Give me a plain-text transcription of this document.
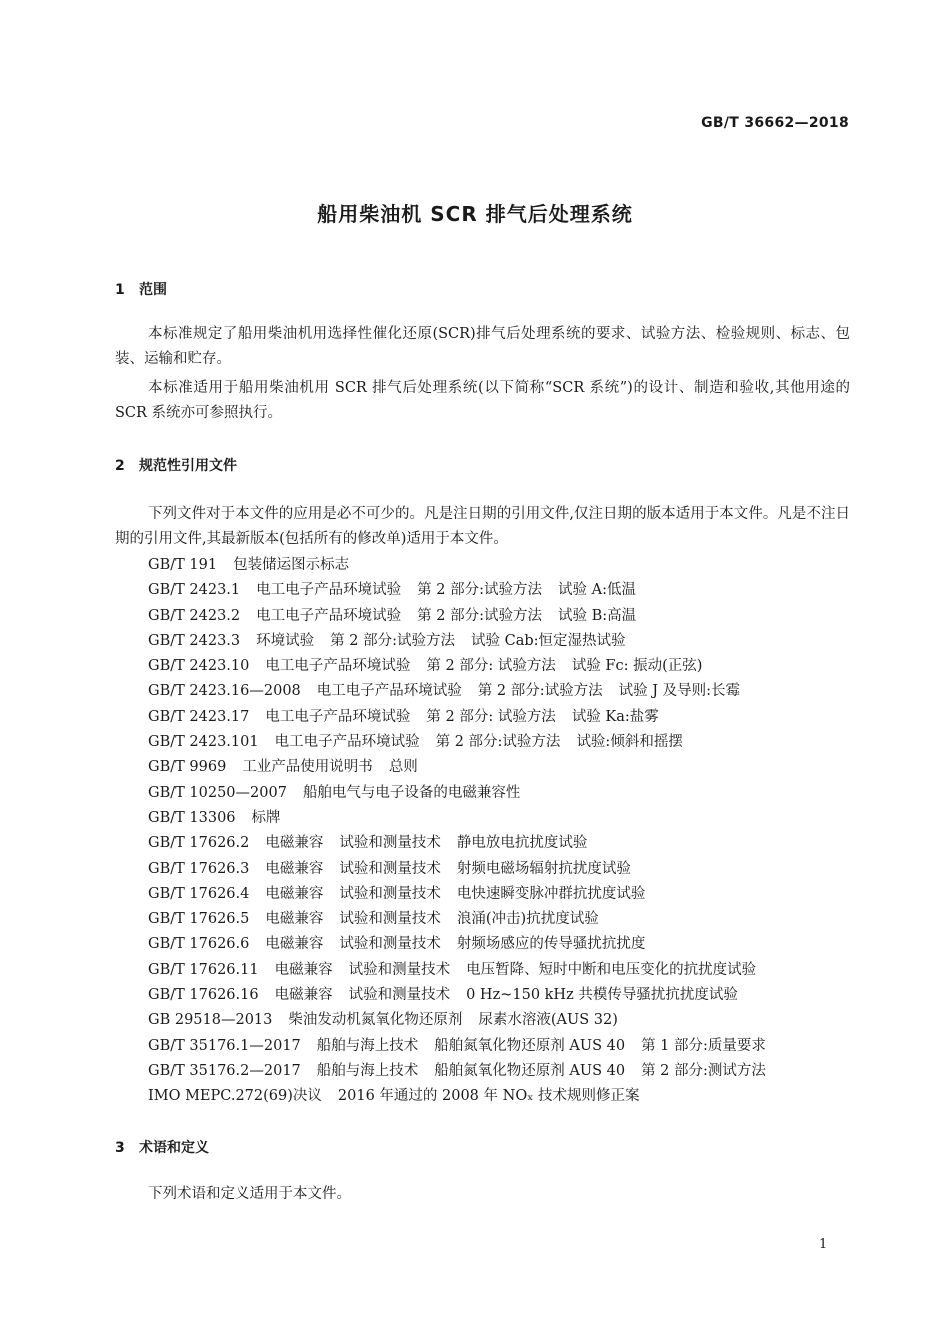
GB/T 36662—2018
船用柴油机 SCR 排气后处理系统
1 范围

本标准规定了船用柴油机用选择性催化还原(SCR)排气后处理系统的要求、试验方法、检验规则、标志、包装、运输和贮存。

本标准适用于船用柴油机用 SCR 排气后处理系统(以下简称“SCR 系统”)的设计、制造和验收,其他用途的 SCR 系统亦可参照执行。

2 规范性引用文件

下列文件对于本文件的应用是必不可少的。凡是注日期的引用文件,仅注日期的版本适用于本文件。凡是不注日期的引用文件,其最新版本(包括所有的修改单)适用于本文件。

GB/T 191 包装储运图示标志
GB/T 2423.1 电工电子产品环境试验 第 2 部分:试验方法 试验 A:低温
GB/T 2423.2 电工电子产品环境试验 第 2 部分:试验方法 试验 B:高温
GB/T 2423.3 环境试验 第 2 部分:试验方法 试验 Cab:恒定湿热试验
GB/T 2423.10 电工电子产品环境试验 第 2 部分: 试验方法 试验 Fc: 振动(正弦)
GB/T 2423.16—2008 电工电子产品环境试验 第 2 部分:试验方法 试验 J 及导则:长霉
GB/T 2423.17 电工电子产品环境试验 第 2 部分: 试验方法 试验 Ka:盐雾
GB/T 2423.101 电工电子产品环境试验 第 2 部分:试验方法 试验:倾斜和摇摆
GB/T 9969 工业产品使用说明书 总则
GB/T 10250—2007 船舶电气与电子设备的电磁兼容性
GB/T 13306 标牌
GB/T 17626.2 电磁兼容 试验和测量技术 静电放电抗扰度试验
GB/T 17626.3 电磁兼容 试验和测量技术 射频电磁场辐射抗扰度试验
GB/T 17626.4 电磁兼容 试验和测量技术 电快速瞬变脉冲群抗扰度试验
GB/T 17626.5 电磁兼容 试验和测量技术 浪涌(冲击)抗扰度试验
GB/T 17626.6 电磁兼容 试验和测量技术 射频场感应的传导骚扰抗扰度
GB/T 17626.11 电磁兼容 试验和测量技术 电压暂降、短时中断和电压变化的抗扰度试验
GB/T 17626.16 电磁兼容 试验和测量技术 0 Hz~150 kHz 共模传导骚扰抗扰度试验
GB 29518—2013 柴油发动机氮氧化物还原剂 尿素水溶液(AUS 32)
GB/T 35176.1—2017 船舶与海上技术 船舶氮氧化物还原剂 AUS 40 第 1 部分:质量要求
GB/T 35176.2—2017 船舶与海上技术 船舶氮氧化物还原剂 AUS 40 第 2 部分:测试方法
IMO MEPC.272(69)决议 2016 年通过的 2008 年 NOₓ 技术规则修正案
3 术语和定义

下列术语和定义适用于本文件。

1
